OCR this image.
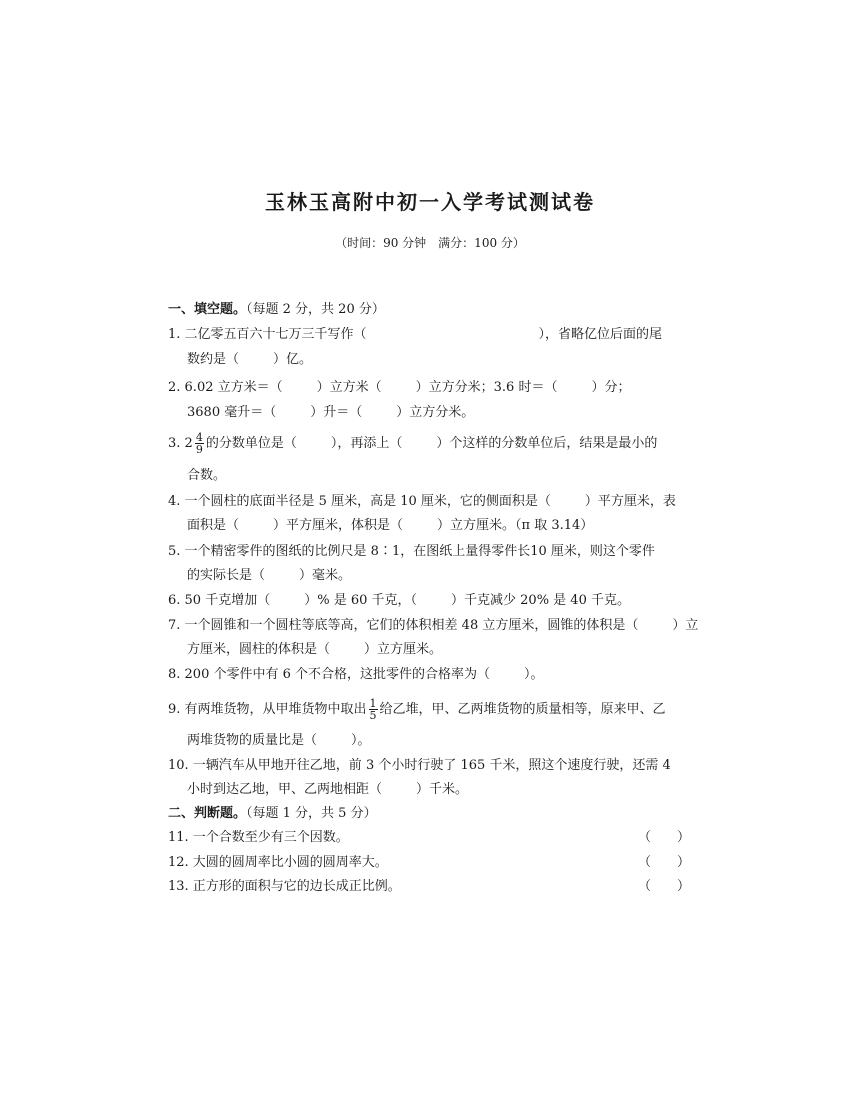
玉林玉高附中初一入学考试测试卷
（时间：90 分钟　满分：100 分）
一、填空题。（每题 2 分，共 20 分）
1. 二亿零五百六十七万三千写作（	），省略亿位后面的尾
数约是（	）亿。
2. 6.02 立方米＝（	）立方米（	）立方分米；3.6 时＝（	）分；
3680 毫升＝（	）升＝（	）立方分米。
3. $2 \frac{4}{9}$ 的分数单位是（	），再添上（	）个这样的分数单位后，结果是最小的
合数。
4. 一个圆柱的底面半径是 5 厘米，高是 10 厘米，它的侧面积是（	）平方厘米，表
面积是（	）平方厘米，体积是（	）立方厘米。（π 取 3.14）
5. 一个精密零件的图纸的比例尺是 8∶1，在图纸上量得零件长10 厘米，则这个零件
的实际长是（	）毫米。
6. 50 千克增加（	）% 是 60 千克，（	）千克减少 20% 是 40 千克。
7. 一个圆锥和一个圆柱等底等高，它们的体积相差 48 立方厘米，圆锥的体积是（	）立
方厘米，圆柱的体积是（	）立方厘米。
8. 200 个零件中有 6 个不合格，这批零件的合格率为（	）。
9. 有两堆货物，从甲堆货物中取出 $\frac{1}{5}$ 给乙堆，甲、乙两堆货物的质量相等，原来甲、乙
两堆货物的质量比是（	）。
10. 一辆汽车从甲地开往乙地，前 3 个小时行驶了 165 千米，照这个速度行驶，还需 4
小时到达乙地，甲、乙两地相距（	）千米。
二、判断题。（每题 1 分，共 5 分）
11. 一个合数至少有三个因数。	（　　）
12. 大圆的圆周率比小圆的圆周率大。	（　　）
13. 正方形的面积与它的边长成正比例。	（　　）
